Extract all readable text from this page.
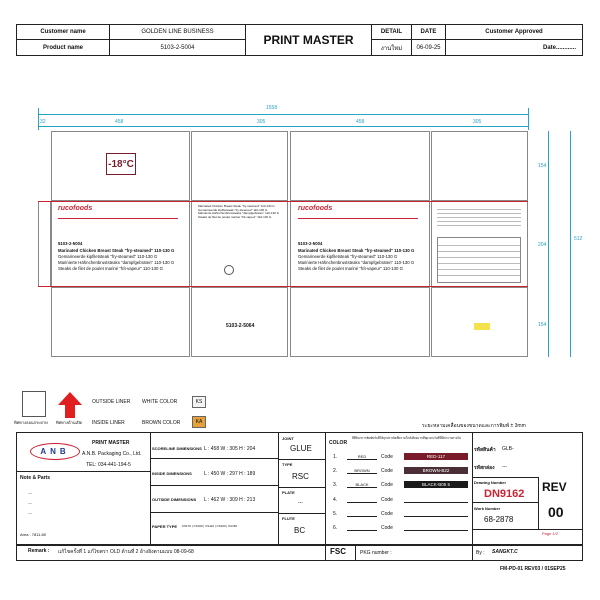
Customer name	GOLDEN LINE BUSINESS
Product name	5103-2-5004
PRINT MASTER
DETAIL
งานใหม่
DATE
06-09-25
Customer Approved
Date............
1558
32	458	305	458	305
154
204
512
154
-18°C
rucofoods
5103-2-5004
Marinated Chicken Breast Steak "fry-steamed" 110-130 G
Gemarineerde kipfiletsteak "fry-steamed" 110-130 G
Marinierte Hähnchenbruststeaks "dampfgebraten" 110-130 G
Steaks de filet de poulet mariné "frit-vapeur" 110-130 G
Marinated Chicken Breast Steak "fry-steamed" 110-130 G
Gemarineerde kipfiletsteak "fry-steamed" 110-130 G
Marinierte Hähnchenbruststeaks "dampfgebraten" 110-130 G
Steaks de filet de poulet mariné "frit-vapeur" 110-130 G
5103-2-5064
rucofoods
5103-2-5004
Marinated Chicken Breast Steak "fry-steamed" 110-130 G
Gemarineerde kipfiletsteak "fry-steamed" 110-130 G
Marinierte Hähnchenbruststeaks "dampfgebraten" 110-130 G
Steaks de filet de poulet mariné "frit-vapeur" 110-130 G
ทิศทางลอนกระดาษ ทิศทางด้านเปิด
OUTSIDE LINER
INSIDE LINER
WHITE COLOR
BROWN COLOR
KS
KA
ระยะหลามเคลื่อนของขนาดและการพิมพ์ ± 3mm
ANB
PRINT MASTER
A.N.B. Packaging Co., Ltd.
TEL: 034-441-194-5
Note & Parts
---
---
---
Area : 7811.80
SCORELINE DIMENSIONS L : 458 W : 305 H : 204
INSIDE DIMENSIONS L : 450 W : 297 H : 189
OUTSIDE DIMENSIONS L : 462 W : 309 H : 213
PAPER TYPE KS170 | CS100 | CS110 | CS100 | KA150
JOINT
GLUE
TYPE
RSC
PLATE
---
FLUTE
BC
COLOR
สีที่ลินาการพิมพ์ปรับสีให้ลุกปราณิตสีความใกล้เคียงมากที่สุด ยกเว้นสีที่มีค่าจางหายไป
1.	RED	Code	RED-117
2.	BROWN	Code	BROWN-B22
3.	BLACK	Code	BLACK-B05 5
4.	Code
5.	Code
6.	Code
รหัสสินค้า GLB-
รหัสกล่อง ---
Drawing Number
DN9162
Work Number
68-2878
REV
00
Page 1/2
Remark : แก้ไขครั้งที่ 1 แก้ไขตรา OLD ด้านที่ 2 อ้างอิงตามแบบ 08-09-68	FSC	PKG number :	By : SANGKT.C
FM-PD-01 REV03 / 01SEP25
